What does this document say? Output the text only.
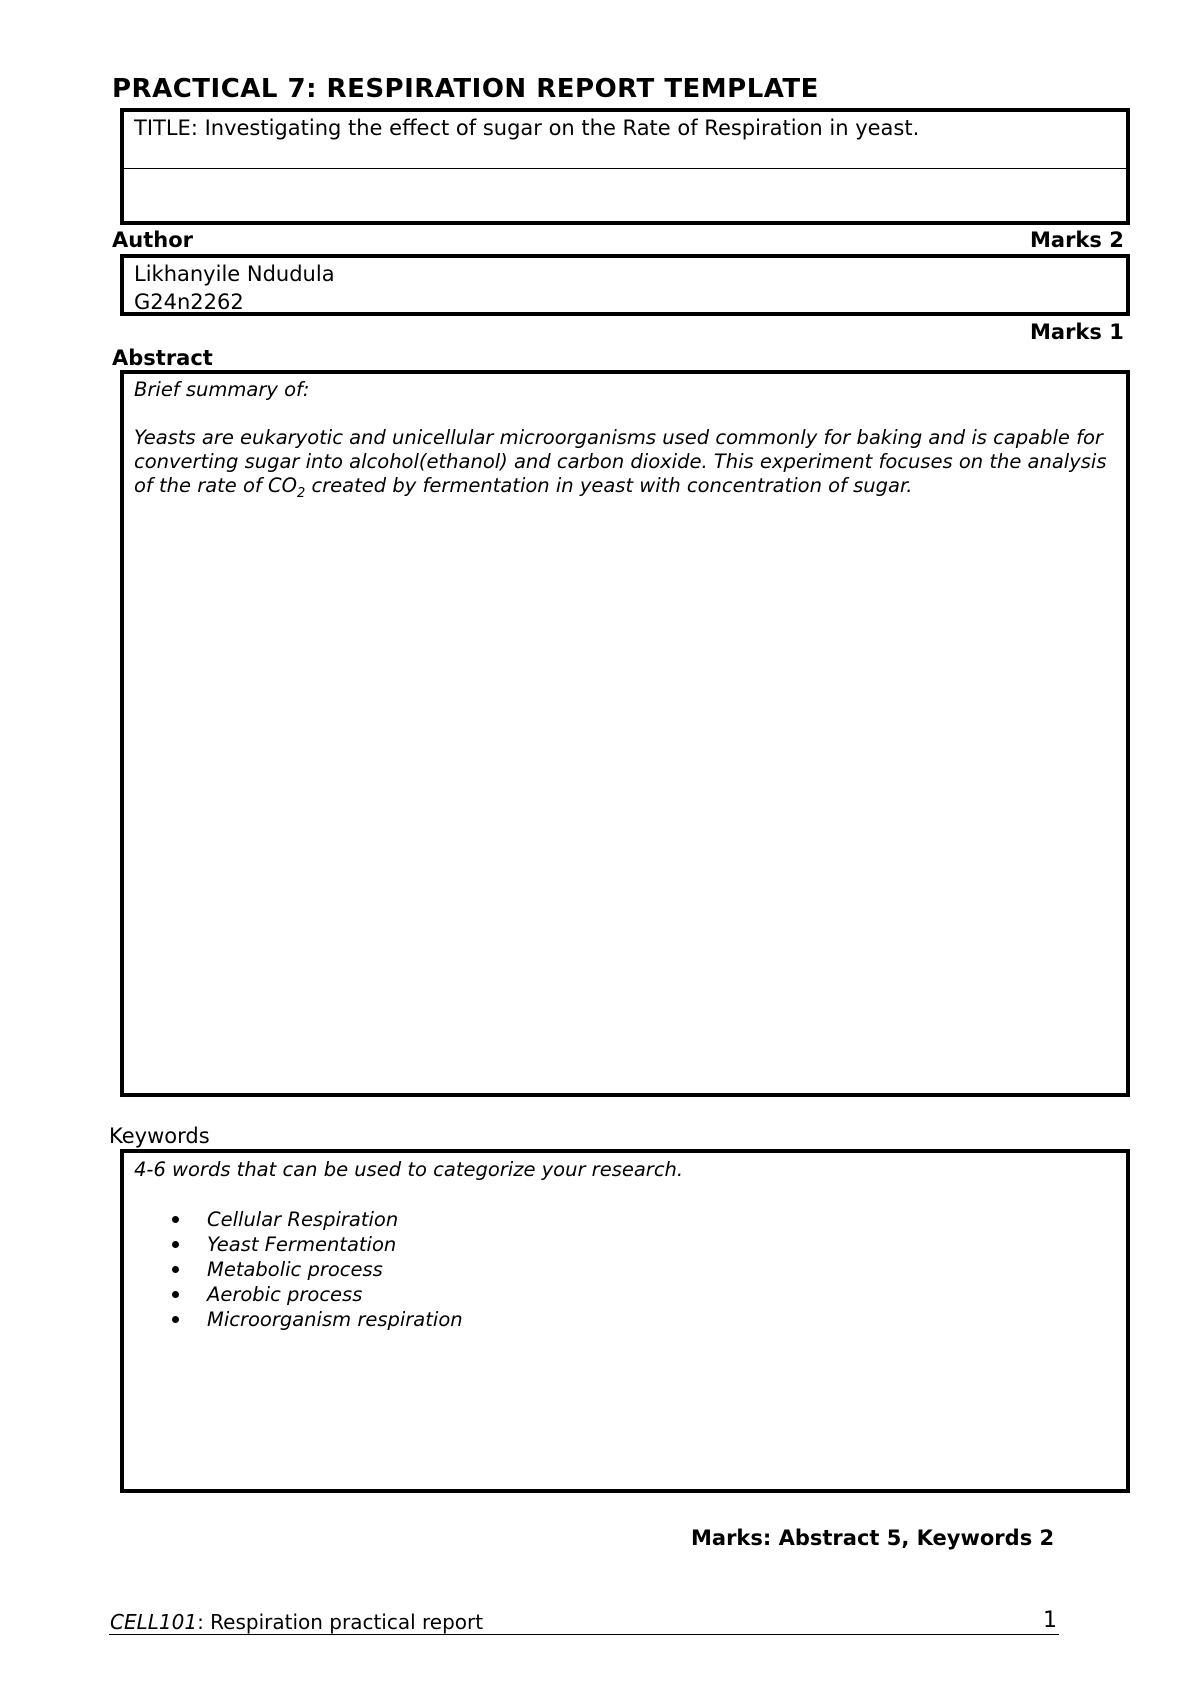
PRACTICAL 7: RESPIRATION REPORT TEMPLATE
TITLE: Investigating the effect of sugar on the Rate of Respiration in yeast.
Author	Marks 2
Likhanyile Ndudula
G24n2262
Marks 1
Abstract

Brief summary of:

Yeasts are eukaryotic and unicellular microorganisms used commonly for baking and is capable for converting sugar into alcohol(ethanol) and carbon dioxide. This experiment focuses on the analysis of the rate of $CO_2$ created by fermentation in yeast with concentration of sugar.

Keywords
4-6 words that can be used to categorize your research.
Cellular Respiration
Yeast Fermentation
Metabolic process
Aerobic process
Microorganism respiration
Marks: Abstract 5, Keywords 2
CELL101: Respiration practical report	1
